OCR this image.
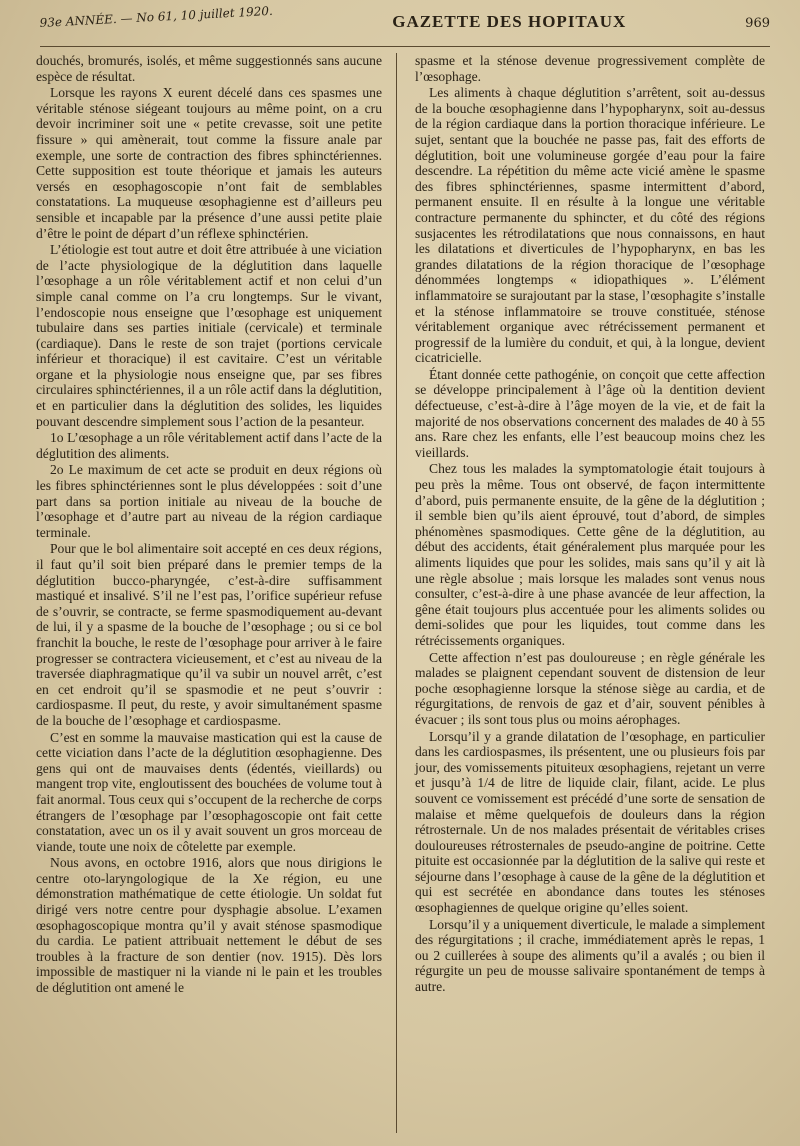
93e ANNÉE. — No 61, 10 juillet 1920.	GAZETTE DES HOPITAUX	969

douchés, bromurés, isolés, et même suggestionnés sans aucune espèce de résultat.

Lorsque les rayons X eurent décelé dans ces spasmes une véritable sténose siégeant toujours au même point, on a cru devoir incriminer soit une « petite crevasse, soit une petite fissure » qui amènerait, tout comme la fissure anale par exemple, une sorte de contraction des fibres sphinctériennes. Cette supposition est toute théorique et jamais les auteurs versés en œsophagoscopie n’ont fait de semblables constatations. La muqueuse œsophagienne est d’ailleurs peu sensible et incapable par la présence d’une aussi petite plaie d’être le point de départ d’un réflexe sphinctérien.

L’étiologie est tout autre et doit être attribuée à une viciation de l’acte physiologique de la déglutition dans laquelle l’œsophage a un rôle véritablement actif et non celui d’un simple canal comme on l’a cru longtemps. Sur le vivant, l’endoscopie nous enseigne que l’œsophage est uniquement tubulaire dans ses parties initiale (cervicale) et terminale (cardiaque). Dans le reste de son trajet (portions cervicale inférieur et thoracique) il est cavitaire. C’est un véritable organe et la physiologie nous enseigne que, par ses fibres circulaires sphinctériennes, il a un rôle actif dans la déglutition, et en particulier dans la déglutition des solides, les liquides pouvant descendre simplement sous l’action de la pesanteur.

1o L’œsophage a un rôle véritablement actif dans l’acte de la déglutition des aliments.

2o Le maximum de cet acte se produit en deux régions où les fibres sphinctériennes sont le plus développées : soit d’une part dans sa portion initiale au niveau de la bouche de l’œsophage et d’autre part au niveau de la région cardiaque terminale.

Pour que le bol alimentaire soit accepté en ces deux régions, il faut qu’il soit bien préparé dans le premier temps de la déglutition bucco-pharyngée, c’est-à-dire suffisamment mastiqué et insalivé. S’il ne l’est pas, l’orifice supérieur refuse de s’ouvrir, se contracte, se ferme spasmodiquement au-devant de lui, il y a spasme de la bouche de l’œsophage ; ou si ce bol franchit la bouche, le reste de l’œsophage pour arriver à le faire progresser se contractera vicieusement, et c’est au niveau de la traversée diaphragmatique qu’il va subir un nouvel arrêt, c’est en cet endroit qu’il se spasmodie et ne peut s’ouvrir : cardiospasme. Il peut, du reste, y avoir simultanément spasme de la bouche de l’œsophage et cardiospasme.

C’est en somme la mauvaise mastication qui est la cause de cette viciation dans l’acte de la déglutition œsophagienne. Des gens qui ont de mauvaises dents (édentés, vieillards) ou mangent trop vite, engloutissent des bouchées de volume tout à fait anormal. Tous ceux qui s’occupent de la recherche de corps étrangers de l’œsophage par l’œsophagoscopie ont fait cette constatation, avec un os il y avait souvent un gros morceau de viande, toute une noix de côtelette par exemple.

Nous avons, en octobre 1916, alors que nous dirigions le centre oto-laryngologique de la Xe région, eu une démonstration mathématique de cette étiologie. Un soldat fut dirigé vers notre centre pour dysphagie absolue. L’examen œsophagoscopique montra qu’il y avait sténose spasmodique du cardia. Le patient attribuait nettement le début de ses troubles à la fracture de son dentier (nov. 1915). Dès lors impossible de mastiquer ni la viande ni le pain et les troubles de déglutition ont amené le

spasme et la sténose devenue progressivement complète de l’œsophage.

Les aliments à chaque déglutition s’arrêtent, soit au-dessus de la bouche œsophagienne dans l’hypopharynx, soit au-dessus de la région cardiaque dans la portion thoracique inférieure. Le sujet, sentant que la bouchée ne passe pas, fait des efforts de déglutition, boit une volumineuse gorgée d’eau pour la faire descendre. La répétition du même acte vicié amène le spasme des fibres sphinctériennes, spasme intermittent d’abord, permanent ensuite. Il en résulte à la longue une véritable contracture permanente du sphincter, et du côté des régions susjacentes les rétrodilatations que nous connaissons, en haut les dilatations et diverticules de l’hypopharynx, en bas les grandes dilatations de la région thoracique de l’œsophage dénommées longtemps « idiopathiques ». L’élément inflammatoire se surajoutant par la stase, l’œsophagite s’installe et la sténose inflammatoire se trouve constituée, sténose véritablement organique avec rétrécissement permanent et progressif de la lumière du conduit, et qui, à la longue, devient cicatricielle.

Étant donnée cette pathogénie, on conçoit que cette affection se développe principalement à l’âge où la dentition devient défectueuse, c’est-à-dire à l’âge moyen de la vie, et de fait la majorité de nos observations concernent des malades de 40 à 55 ans. Rare chez les enfants, elle l’est beaucoup moins chez les vieillards.

Chez tous les malades la symptomatologie était toujours à peu près la même. Tous ont observé, de façon intermittente d’abord, puis permanente ensuite, de la gêne de la déglutition ; il semble bien qu’ils aient éprouvé, tout d’abord, de simples phénomènes spasmodiques. Cette gêne de la déglutition, au début des accidents, était généralement plus marquée pour les aliments liquides que pour les solides, mais sans qu’il y ait là une règle absolue ; mais lorsque les malades sont venus nous consulter, c’est-à-dire à une phase avancée de leur affection, la gêne était toujours plus accentuée pour les aliments solides ou demi-solides que pour les liquides, tout comme dans les rétrécissements organiques.

Cette affection n’est pas douloureuse ; en règle générale les malades se plaignent cependant souvent de distension de leur poche œsophagienne lorsque la sténose siège au cardia, et de régurgitations, de renvois de gaz et d’air, souvent pénibles à évacuer ; ils sont tous plus ou moins aérophages.

Lorsqu’il y a grande dilatation de l’œsophage, en particulier dans les cardiospasmes, ils présentent, une ou plusieurs fois par jour, des vomissements pituiteux œsophagiens, rejetant un verre et jusqu’à 1/4 de litre de liquide clair, filant, acide. Le plus souvent ce vomissement est précédé d’une sorte de sensation de malaise et même quelquefois de douleurs dans la région rétrosternale. Un de nos malades présentait de véritables crises douloureuses rétrosternales de pseudo-angine de poitrine. Cette pituite est occasionnée par la déglutition de la salive qui reste et séjourne dans l’œsophage à cause de la gêne de la déglutition et qui est secrétée en abondance dans toutes les sténoses œsophagiennes de quelque origine qu’elles soient.

Lorsqu’il y a uniquement diverticule, le malade a simplement des régurgitations ; il crache, immédiatement après le repas, 1 ou 2 cuillerées à soupe des aliments qu’il a avalés ; ou bien il régurgite un peu de mousse salivaire spontanément de temps à autre.
